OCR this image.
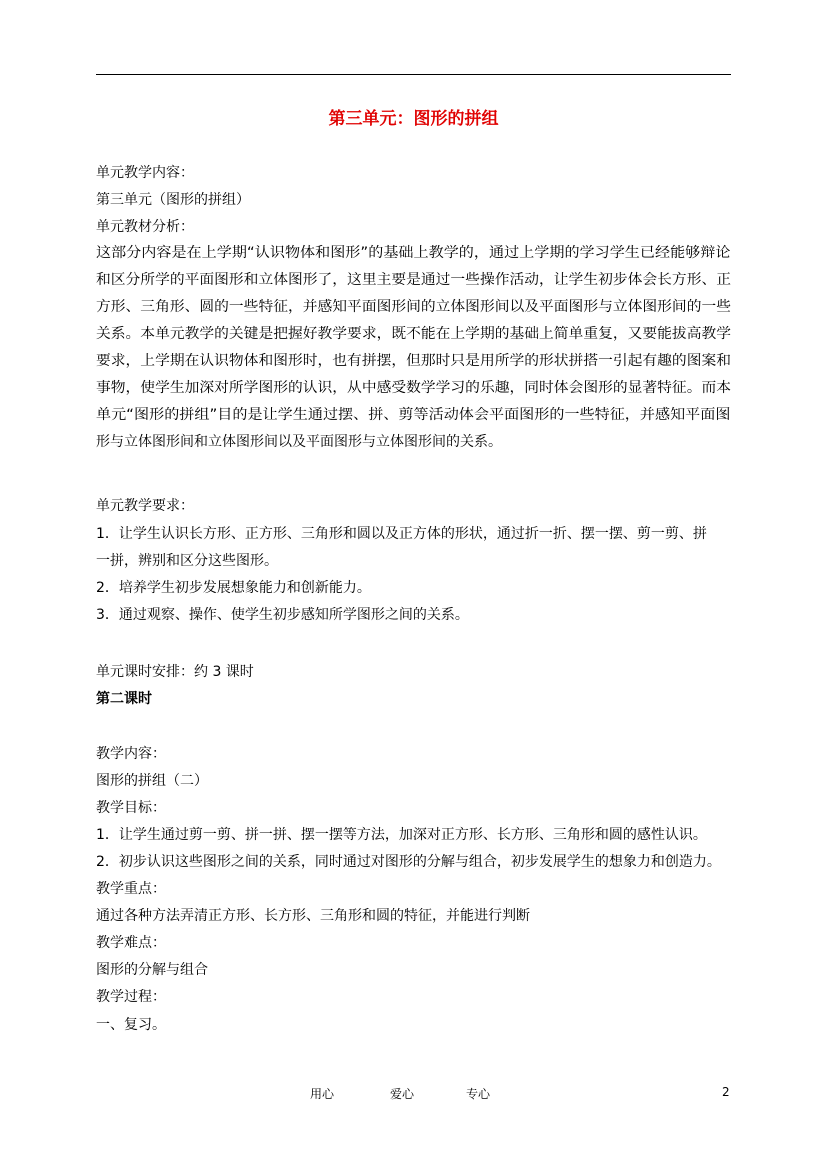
第三单元：图形的拼组
单元教学内容：
第三单元（图形的拼组）
单元教材分析：
这部分内容是在上学期“认识物体和图形”的基础上教学的，通过上学期的学习学生已经能够辩论
和区分所学的平面图形和立体图形了，这里主要是通过一些操作活动，让学生初步体会长方形、正
方形、三角形、圆的一些特征，并感知平面图形间的立体图形间以及平面图形与立体图形间的一些
关系。本单元教学的关键是把握好教学要求，既不能在上学期的基础上简单重复，又要能拔高教学
要求，上学期在认识物体和图形时，也有拼摆，但那时只是用所学的形状拼搭一引起有趣的图案和
事物，使学生加深对所学图形的认识，从中感受数学学习的乐趣，同时体会图形的显著特征。而本
单元“图形的拼组”目的是让学生通过摆、拼、剪等活动体会平面图形的一些特征，并感知平面图
形与立体图形间和立体图形间以及平面图形与立体图形间的关系。
单元教学要求：
1．让学生认识长方形、正方形、三角形和圆以及正方体的形状，通过折一折、摆一摆、剪一剪、拼
一拼，辨别和区分这些图形。
2．培养学生初步发展想象能力和创新能力。
3．通过观察、操作、使学生初步感知所学图形之间的关系。
单元课时安排：约 3 课时
第二课时
教学内容：
图形的拼组（二）
教学目标：
1．让学生通过剪一剪、拼一拼、摆一摆等方法，加深对正方形、长方形、三角形和圆的感性认识。
2．初步认识这些图形之间的关系，同时通过对图形的分解与组合，初步发展学生的想象力和创造力。
教学重点：
通过各种方法弄清正方形、长方形、三角形和圆的特征，并能进行判断
教学难点：
图形的分解与组合
教学过程：
一、复习。
用心	爱心	专心	2
